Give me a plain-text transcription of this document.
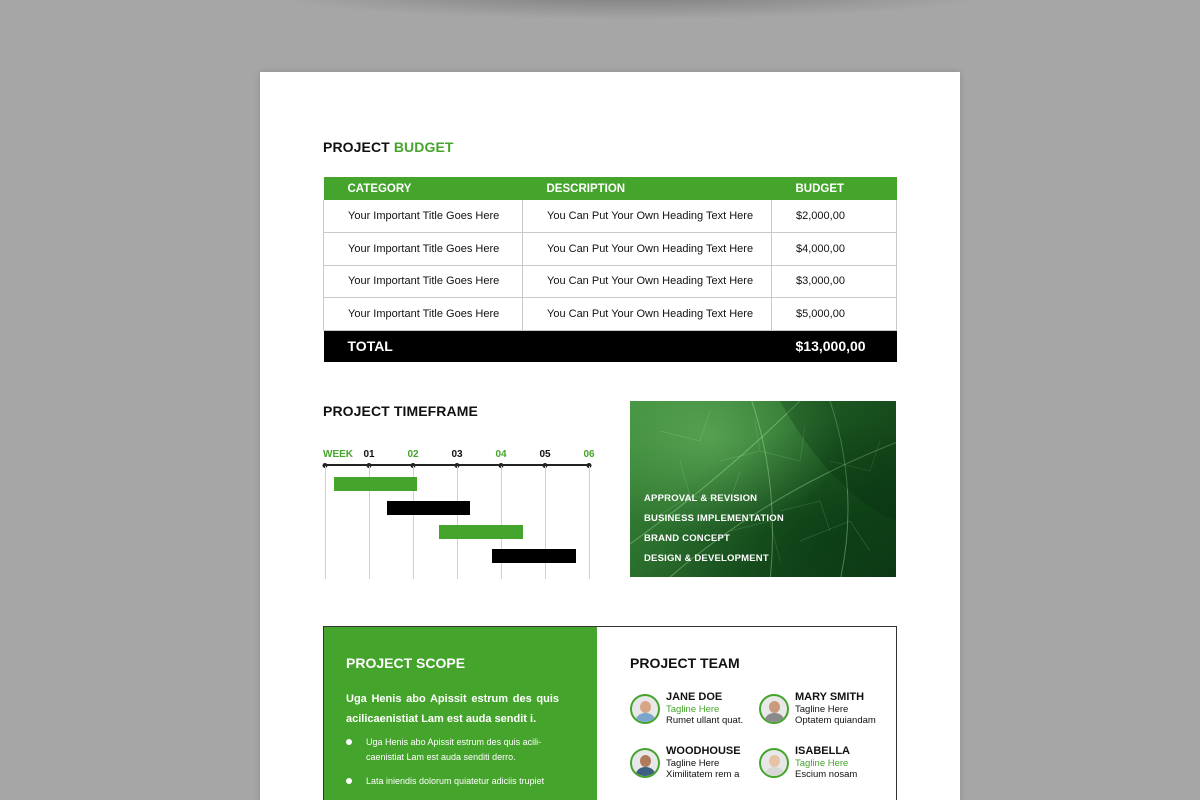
PROJECT BUDGET
CATEGORY	DESCRIPTION	BUDGET
Your Important Title Goes Here	You Can Put Your Own Heading Text Here	$2,000,00
Your Important Title Goes Here	You Can Put Your Own Heading Text Here	$4,000,00
Your Important Title Goes Here	You Can Put Your Own Heading Text Here	$3,000,00
Your Important Title Goes Here	You Can Put Your Own Heading Text Here	$5,000,00
TOTAL		$13,000,00
PROJECT TIMEFRAME
WEEK 01	02	03	04	05	06
APPROVAL & REVISION
BUSINESS IMPLEMENTATION
BRAND CONCEPT
DESIGN & DEVELOPMENT
PROJECT SCOPE
Uga Henis abo Apissit estrum des quis acilicaenistiat Lam est auda sendit i.
Uga Henis abo Apissit estrum des quis acili-caenistiat Lam est auda senditi derro.
Lata iniendis dolorum quiatetur adiciis trupiet
PROJECT TEAM
JANE DOE
Tagline Here
Rumet ullant quat.
MARY SMITH
Tagline Here
Optatem quiandam
WOODHOUSE
Tagline Here
Ximilitatem rem a
ISABELLA
Tagline Here
Escium nosam
